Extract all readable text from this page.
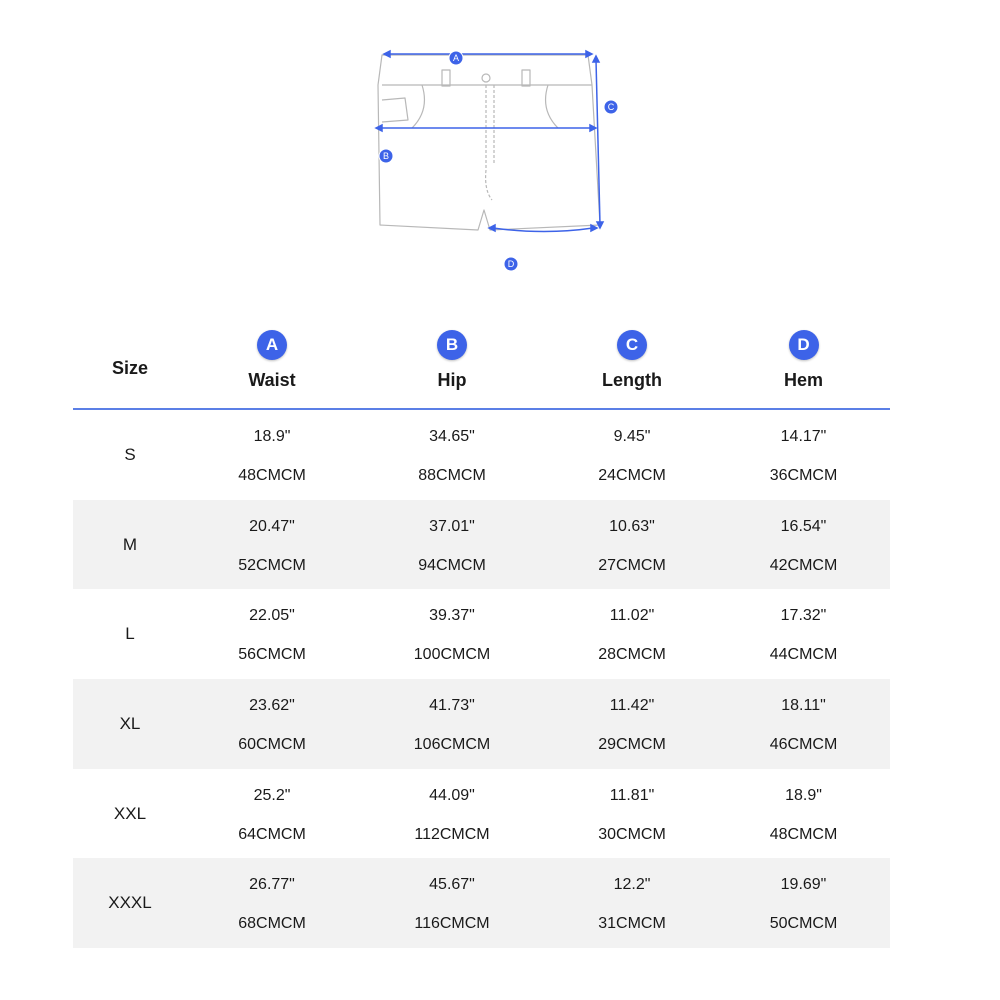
A
B
C
D
Size
A
Waist
B
Hip
C
Length
D
Hem
S
18.9"
48CMCM
34.65"
88CMCM
9.45"
24CMCM
14.17"
36CMCM
M
20.47"
52CMCM
37.01"
94CMCM
10.63"
27CMCM
16.54"
42CMCM
L
22.05"
56CMCM
39.37"
100CMCM
11.02"
28CMCM
17.32"
44CMCM
XL
23.62"
60CMCM
41.73"
106CMCM
11.42"
29CMCM
18.11"
46CMCM
XXL
25.2"
64CMCM
44.09"
112CMCM
11.81"
30CMCM
18.9"
48CMCM
XXXL
26.77"
68CMCM
45.67"
116CMCM
12.2"
31CMCM
19.69"
50CMCM
